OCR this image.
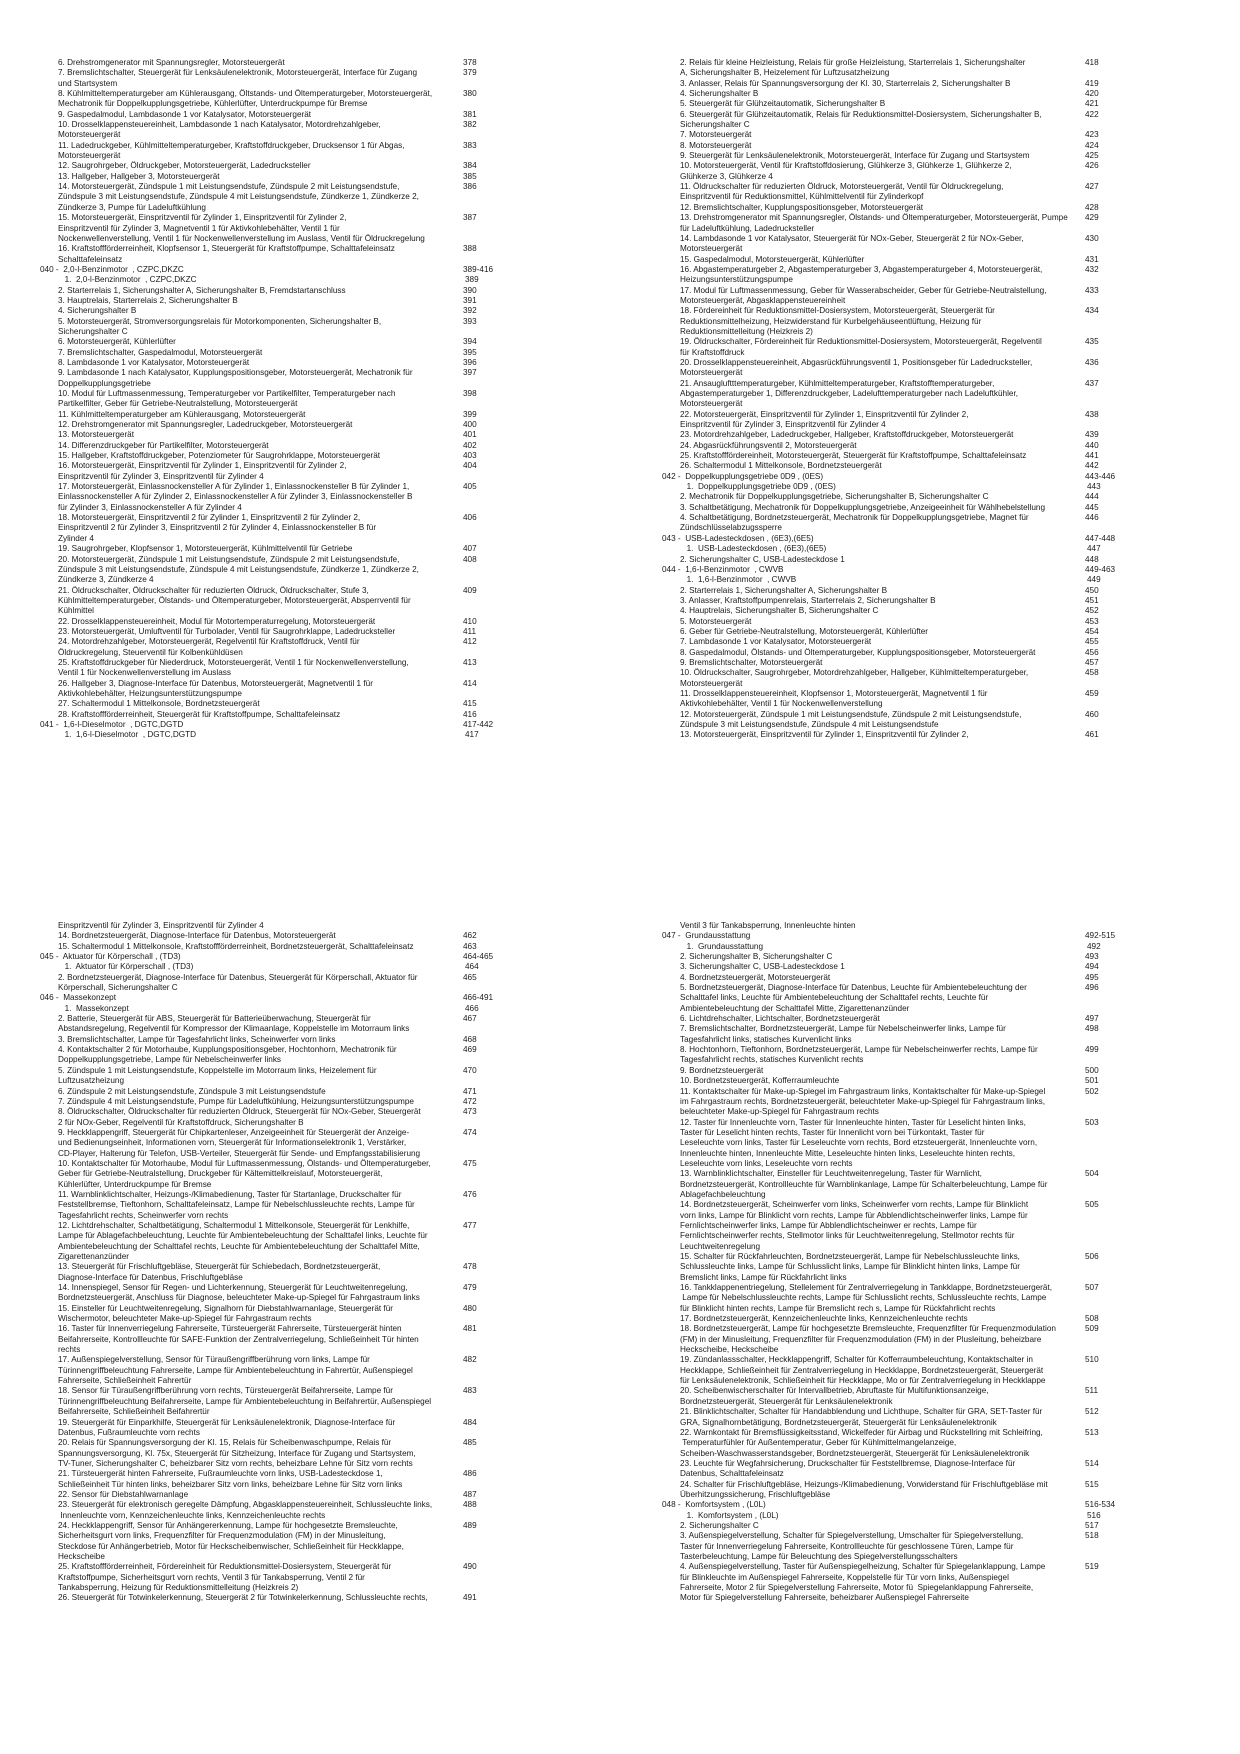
6. Drehstromgenerator mit Spannungsregler, Motorsteuergerät	378
7. Bremslichtschalter, Steuergerät für Lenksäulenelektronik, Motorsteuergerät, Interface für Zugang	379
und Startsystem
8. Kühlmitteltemperaturgeber am Kühlerausgang, Öltstands- und Öltemperaturgeber, Motorsteuergerät,	380
Mechatronik für Doppelkupplungsgetriebe, Kühlerlüfter, Unterdruckpumpe für Bremse
9. Gaspedalmodul, Lambdasonde 1 vor Katalysator, Motorsteuergerät	381
10. Drosselklappensteuereinheit, Lambdasonde 1 nach Katalysator, Motordrehzahlgeber,	382
Motorsteuergerät
11. Ladedruckgeber, Kühlmitteltemperaturgeber, Kraftstoffdruckgeber, Drucksensor 1 für Abgas,	383
Motorsteuergerät
12. Saugrohrgeber, Öldruckgeber, Motorsteuergerät, Ladedrucksteller	384
13. Hallgeber, Hallgeber 3, Motorsteuergerät	385
14. Motorsteuergerät, Zündspule 1 mit Leistungsendstufe, Zündspule 2 mit Leistungsendstufe,	386
Zündspule 3 mit Leistungsendstufe, Zündspule 4 mit Leistungsendstufe, Zündkerze 1, Zündkerze 2,
Zündkerze 3, Pumpe für Ladeluftkühlung
15. Motorsteuergerät, Einspritzventil für Zylinder 1, Einspritzventil für Zylinder 2,	387
Einspritzventil für Zylinder 3, Magnetventil 1 für Aktivkohlebehälter, Ventil 1 für
Nockenwellenverstellung, Ventil 1 für Nockenwellenverstellung im Auslass, Ventil für Öldruckregelung
16. Kraftstoffförderreinheit, Klopfsensor 1, Steuergerät für Kraftstoffpumpe, Schalttafeleinsatz	388
Schalttafeleinsatz
040 -  2,0-l-Benzinmotor  , CZPC,DKZC	389-416
1.  2,0-l-Benzinmotor  , CZPC,DKZC	389
2. Starterrelais 1, Sicherungshalter A, Sicherungshalter B, Fremdstartanschluss	390
3. Hauptrelais, Starterrelais 2, Sicherungshalter B	391
4. Sicherungshalter B	392
5. Motorsteuergerät, Stromversorgungsrelais für Motorkomponenten, Sicherungshalter B,	393
Sicherungshalter C
6. Motorsteuergerät, Kühlerlüfter	394
7. Bremslichtschalter, Gaspedalmodul, Motorsteuergerät	395
8. Lambdasonde 1 vor Katalysator, Motorsteuergerät	396
9. Lambdasonde 1 nach Katalysator, Kupplungspositionsgeber, Motorsteuergerät, Mechatronik für	397
Doppelkupplungsgetriebe
10. Modul für Luftmassenmessung, Temperaturgeber vor Partikelfilter, Temperaturgeber nach	398
Partikelfilter, Geber für Getriebe-Neutralstellung, Motorsteuergerät
11. Kühlmitteltemperaturgeber am Kühlerausgang, Motorsteuergerät	399
12. Drehstromgenerator mit Spannungsregler, Ladedruckgeber, Motorsteuergerät	400
13. Motorsteuergerät	401
14. Differenzdruckgeber für Partikelfilter, Motorsteuergerät	402
15. Hallgeber, Kraftstoffdruckgeber, Potenziometer für Saugrohrklappe, Motorsteuergerät	403
16. Motorsteuergerät, Einspritzventil für Zylinder 1, Einspritzventil für Zylinder 2,	404
Einspritzventil für Zylinder 3, Einspritzventil für Zylinder 4
17. Motorsteuergerät, Einlassnockensteller A für Zylinder 1, Einlassnockensteller B für Zylinder 1,	405
Einlassnockensteller A für Zylinder 2, Einlassnockensteller A für Zylinder 3, Einlassnockensteller B
für Zylinder 3, Einlassnockensteller A für Zylinder 4
18. Motorsteuergerät, Einspritzventil 2 für Zylinder 1, Einspritzventil 2 für Zylinder 2,	406
Einspritzventil 2 für Zylinder 3, Einspritzventil 2 für Zylinder 4, Einlassnockensteller B für
Zylinder 4
19. Saugrohrgeber, Klopfsensor 1, Motorsteuergerät, Kühlmittelventil für Getriebe	407
20. Motorsteuergerät, Zündspule 1 mit Leistungsendstufe, Zündspule 2 mit Leistungsendstufe,	408
Zündspule 3 mit Leistungsendstufe, Zündspule 4 mit Leistungsendstufe, Zündkerze 1, Zündkerze 2,
Zündkerze 3, Zündkerze 4
21. Öldruckschalter, Öldruckschalter für reduzierten Öldruck, Öldruckschalter, Stufe 3,	409
Kühlmitteltemperaturgeber, Ölstands- und Öltemperaturgeber, Motorsteuergerät, Absperrventil für
Kühlmittel
22. Drosselklappensteuereinheit, Modul für Motortemperaturregelung, Motorsteuergerät	410
23. Motorsteuergerät, Umluftventil für Turbolader, Ventil für Saugrohrklappe, Ladedrucksteller	411
24. Motordrehzahlgeber, Motorsteuergerät, Regelventil für Kraftstoffdruck, Ventil für	412
Öldruckregelung, Steuerventil für Kolbenkühldüsen
25. Kraftstoffdruckgeber für Niederdruck, Motorsteuergerät, Ventil 1 für Nockenwellenverstellung,	413
Ventil 1 für Nockenwellenverstellung im Auslass
26. Hallgeber 3, Diagnose-Interface für Datenbus, Motorsteuergerät, Magnetventil 1 für	414
Aktivkohlebehälter, Heizungsunterstützungspumpe
27. Schaltermodul 1 Mittelkonsole, Bordnetzsteuergerät	415
28. Kraftstoffförderreinheit, Steuergerät für Kraftstoffpumpe, Schalttafeleinsatz	416
041 -  1,6-l-Dieselmotor  , DGTC,DGTD	417-442
1.  1,6-l-Dieselmotor  , DGTC,DGTD	417
2. Relais für kleine Heizleistung, Relais für große Heizleistung, Starterrelais 1, Sicherungshalter	418
A, Sicherungshalter B, Heizelement für Luftzusatzheizung
3. Anlasser, Relais für Spannungsversorgung der Kl. 30, Starterrelais 2, Sicherungshalter B	419
4. Sicherungshalter B	420
5. Steuergerät für Glühzeitautomatik, Sicherungshalter B	421
6. Steuergerät für Glühzeitautomatik, Relais für Reduktionsmittel-Dosiersystem, Sicherungshalter B,	422
Sicherungshalter C
7. Motorsteuergerät	423
8. Motorsteuergerät	424
9. Steuergerät für Lenksäulenelektronik, Motorsteuergerät, Interface für Zugang und Startsystem	425
10. Motorsteuergerät, Ventil für Kraftstoffdosierung, Glühkerze 3, Glühkerze 1, Glühkerze 2,	426
Glühkerze 3, Glühkerze 4
11. Öldruckschalter für reduzierten Öldruck, Motorsteuergerät, Ventil für Öldruckregelung,	427
Einspritzventil für Reduktionsmittel, Kühlmittelventil für Zylinderkopf
12. Bremslichtschalter, Kupplungspositionsgeber, Motorsteuergerät	428
13. Drehstromgenerator mit Spannungsregler, Ölstands- und Öltemperaturgeber, Motorsteuergerät, Pumpe	429
für Ladeluftkühlung, Ladedrucksteller
14. Lambdasonde 1 vor Katalysator, Steuergerät für NOx-Geber, Steuergerät 2 für NOx-Geber,	430
Motorsteuergerät
15. Gaspedalmodul, Motorsteuergerät, Kühlerlüfter	431
16. Abgastemperaturgeber 2, Abgastemperaturgeber 3, Abgastemperaturgeber 4, Motorsteuergerät,	432
Heizungsunterstützungspumpe
17. Modul für Luftmassenmessung, Geber für Wasserabscheider, Geber für Getriebe-Neutralstellung,	433
Motorsteuergerät, Abgasklappensteuereinheit
18. Fördereinheit für Reduktionsmittel-Dosiersystem, Motorsteuergerät, Steuergerät für	434
Reduktionsmittelheizung, Heizwiderstand für Kurbelgehäuseentlüftung, Heizung für
Reduktionsmittelleitung (Heizkreis 2)
19. Öldruckschalter, Fördereinheit für Reduktionsmittel-Dosiersystem, Motorsteuergerät, Regelventil	435
für Kraftstoffdruck
20. Drosselklappensteuereinheit, Abgasrückführungsventil 1, Positionsgeber für Ladedrucksteller,	436
Motorsteuergerät
21. Ansaugluftttemperaturgeber, Kühlmitteltemperaturgeber, Kraftstofftemperaturgeber,	437
Abgastemperaturgeber 1, Differenzdruckgeber, Ladelufttemperaturgeber nach Ladeluftkühler,
Motorsteuergerät
22. Motorsteuergerät, Einspritzventil für Zylinder 1, Einspritzventil für Zylinder 2,	438
Einspritzventil für Zylinder 3, Einspritzventil für Zylinder 4
23. Motordrehzahlgeber, Ladedruckgeber, Hallgeber, Kraftstoffdruckgeber, Motorsteuergerät	439
24. Abgasrückführungsventil 2, Motorsteuergerät	440
25. Kraftstofffördereinheit, Motorsteuergerät, Steuergerät für Kraftstoffpumpe, Schalttafeleinsatz	441
26. Schaltermodul 1 Mittelkonsole, Bordnetzsteuergerät	442
042 -  Doppelkupplungsgetriebe 0D9 , (0ES)	443-446
1.  Doppelkupplungsgetriebe 0D9 , (0ES)	443
2. Mechatronik für Doppelkupplungsgetriebe, Sicherungshalter B, Sicherungshalter C	444
3. Schaltbetätigung, Mechatronik für Doppelkupplungsgetriebe, Anzeigeeinheit für Wählhebelstellung	445
4. Schaltbetätigung, Bordnetzsteuergerät, Mechatronik für Doppelkupplungsgetriebe, Magnet für	446
Zündschlüsselabzugssperre
043 -  USB-Ladesteckdosen , (6E3),(6E5)	447-448
1.  USB-Ladesteckdosen , (6E3),(6E5)	447
2. Sicherungshalter C, USB-Ladesteckdose 1	448
044 -  1,6-l-Benzinmotor  , CWVB	449-463
1.  1,6-l-Benzinmotor  , CWVB	449
2. Starterrelais 1, Sicherungshalter A, Sicherungshalter B	450
3. Anlasser, Kraftstoffpumpenrelais, Starterrelais 2, Sicherungshalter B	451
4. Hauptrelais, Sicherungshalter B, Sicherungshalter C	452
5. Motorsteuergerät	453
6. Geber für Getriebe-Neutralstellung, Motorsteuergerät, Kühlerlüfter	454
7. Lambdasonde 1 vor Katalysator, Motorsteuergerät	455
8. Gaspedalmodul, Ölstands- und Öltemperaturgeber, Kupplungspositionsgeber, Motorsteuergerät	456
9. Bremslichtschalter, Motorsteuergerät	457
10. Öldruckschalter, Saugrohrgeber, Motordrehzahlgeber, Hallgeber, Kühlmitteltemperaturgeber,	458
Motorsteuergerät
11. Drosselklappensteuereinheit, Klopfsensor 1, Motorsteuergerät, Magnetventil 1 für	459
Aktivkohlebehälter, Ventil 1 für Nockenwellenverstellung
12. Motorsteuergerät, Zündspule 1 mit Leistungsendstufe, Zündspule 2 mit Leistungsendstufe,	460
Zündspule 3 mit Leistungsendstufe, Zündspule 4 mit Leistungsendstufe
13. Motorsteuergerät, Einspritzventil für Zylinder 1, Einspritzventil für Zylinder 2,	461
Einspritzventil für Zylinder 3, Einspritzventil für Zylinder 4
14. Bordnetzsteuergerät, Diagnose-Interface für Datenbus, Motorsteuergerät	462
15. Schaltermodul 1 Mittelkonsole, Kraftstoffförderreinheit, Bordnetzsteuergerät, Schalttafeleinsatz	463
045 -  Aktuator für Körperschall , (TD3)	464-465
1.  Aktuator für Körperschall , (TD3)	464
2. Bordnetzsteuergerät, Diagnose-Interface für Datenbus, Steuergerät für Körperschall, Aktuator für	465
Körperschall, Sicherungshalter C
046 -  Massekonzept	466-491
1.  Massekonzept	466
2. Batterie, Steuergerät für ABS, Steuergerät für Batterieüberwachung, Steuergerät für	467
Abstandsregelung, Regelventil für Kompressor der Klimaanlage, Koppelstelle im Motorraum links
3. Bremslichtschalter, Lampe für Tagesfahrlicht links, Scheinwerfer vorn links	468
4. Kontaktschalter 2 für Motorhaube, Kupplungspositionsgeber, Hochtonhorn, Mechatronik für	469
Doppelkupplungsgetriebe, Lampe für Nebelscheinwerfer links
5. Zündspule 1 mit Leistungsendstufe, Koppelstelle im Motorraum links, Heizelement für	470
Luftzusatzheizung
6. Zündspule 2 mit Leistungsendstufe, Zündspule 3 mit Leistungsendstufe	471
7. Zündspule 4 mit Leistungsendstufe, Pumpe für Ladeluftkühlung, Heizungsunterstützungspumpe	472
8. Öldruckschalter, Öldruckschalter für reduzierten Öldruck, Steuergerät für NOx-Geber, Steuergerät	473
2 für NOx-Geber, Regelventil für Kraftstoffdruck, Sicherungshalter B
9. Heckklappengriff, Steuergerät für Chipkartenleser, Anzeigeeinheit für Steuergerät der Anzeige-	474
und Bedienungseinheit, Informationen vorn, Steuergerät für Informationselektronik 1, Verstärker,
CD-Player, Halterung für Telefon, USB-Verteiler, Steuergerät für Sende- und Empfangsstabilisierung
10. Kontaktschalter für Motorhaube, Modul für Luftmassenmessung, Ölstands- und Öltemperaturgeber,	475
Geber für Getriebe-Neutralstellung, Druckgeber für Kältemittelkreislauf, Motorsteuergerät,
Kühlerlüfter, Unterdruckpumpe für Bremse
11. Warnblinklichtschalter, Heizungs-/Klimabedienung, Taster für Startanlage, Druckschalter für	476
Feststellbremse, Tieftonhorn, Schalttafeleinsatz, Lampe für Nebelschlussleuchte rechts, Lampe für
Tagesfahrlicht rechts, Scheinwerfer vorn rechts
12. Lichtdrehschalter, Schaltbetätigung, Schaltermodul 1 Mittelkonsole, Steuergerät für Lenkhilfe,	477
Lampe für Ablagefachbeleuchtung, Leuchte für Ambientebeleuchtung der Schalttafel links, Leuchte für
Ambientebeleuchtung der Schalttafel rechts, Leuchte für Ambientebeleuchtung der Schalttafel Mitte,
Zigarettenanzünder
13. Steuergerät für Frischluftgebläse, Steuergerät für Schiebedach, Bordnetzsteuergerät,	478
Diagnose-Interface für Datenbus, Frischluftgebläse
14. Innenspiegel, Sensor für Regen- und Lichterkennung, Steuergerät für Leuchtweitenregelung,	479
Bordnetzsteuergerät, Anschluss für Diagnose, beleuchteter Make-up-Spiegel für Fahrgastraum links
15. Einsteller für Leuchtweitenregelung, Signalhorn für Diebstahlwarnanlage, Steuergerät für	480
Wischermotor, beleuchteter Make-up-Spiegel für Fahrgastraum rechts
16. Taster für Innenverriegelung Fahrerseite, Türsteuergerät Fahrerseite, Türsteuergerät hinten	481
Beifahrerseite, Kontrollleuchte für SAFE-Funktion der Zentralverriegelung, Schließeinheit Tür hinten
rechts
17. Außenspiegelverstellung, Sensor für Türaußengriffberührung vorn links, Lampe für	482
Türinnengriffbeleuchtung Fahrerseite, Lampe für Ambientebeleuchtung in Fahrertür, Außenspiegel
Fahrerseite, Schließeinheit Fahrertür
18. Sensor für Türaußengriffberührung vorn rechts, Türsteuergerät Beifahrerseite, Lampe für	483
Türinnengriffbeleuchtung Beifahrerseite, Lampe für Ambientebeleuchtung in Beifahrertür, Außenspiegel
Beifahrerseite, Schließeinheit Beifahrertür
19. Steuergerät für Einparkhilfe, Steuergerät für Lenksäulenelektronik, Diagnose-Interface für	484
Datenbus, Fußraumleuchte vorn rechts
20. Relais für Spannungsversorgung der Kl. 15, Relais für Scheibenwaschpumpe, Relais für	485
Spannungsversorgung, Kl. 75x, Steuergerät für Sitzheizung, Interface für Zugang und Startsystem,
TV-Tuner, Sicherungshalter C, beheizbarer Sitz vorn rechts, beheizbare Lehne für Sitz vorn rechts
21. Türsteuergerät hinten Fahrerseite, Fußraumleuchte vorn links, USB-Ladesteckdose 1,	486
Schließeinheit Tür hinten links, beheizbarer Sitz vorn links, beheizbare Lehne für Sitz vorn links
22. Sensor für Diebstahlwarnanlage	487
23. Steuergerät für elektronisch geregelte Dämpfung, Abgasklappensteuereinheit, Schlussleuchte links,	488
Innenleuchte vorn, Kennzeichenleuchte links, Kennzeichenleuchte rechts
24. Heckklappengriff, Sensor für Anhängererkennung, Lampe für hochgesetzte Bremsleuchte,	489
Sicherheitsgurt vorn links, Frequenzfilter für Frequenzmodulation (FM) in der Minusleitung,
Steckdose für Anhängerbetrieb, Motor für Heckscheibenwischer, Schließeinheit für Heckklappe,
Heckscheibe
25. Kraftstoffförderreinheit, Fördereinheit für Reduktionsmittel-Dosiersystem, Steuergerät für	490
Kraftstoffpumpe, Sicherheitsgurt vorn rechts, Ventil 3 für Tankabsperrung, Ventil 2 für
Tankabsperrung, Heizung für Reduktionsmittelleitung (Heizkreis 2)
26. Steuergerät für Totwinkelerkennung, Steuergerät 2 für Totwinkelerkennung, Schlussleuchte rechts,	491
Ventil 3 für Tankabsperrung, Innenleuchte hinten
047 -  Grundausstattung	492-515
1.  Grundausstattung	492
2. Sicherungshalter B, Sicherungshalter C	493
3. Sicherungshalter C, USB-Ladesteckdose 1	494
4. Bordnetzsteuergerät, Motorsteuergerät	495
5. Bordnetzsteuergerät, Diagnose-Interface für Datenbus, Leuchte für Ambientebeleuchtung der	496
Schalttafel links, Leuchte für Ambientebeleuchtung der Schalttafel rechts, Leuchte für
Ambientebeleuchtung der Schalttafel Mitte, Zigarettenanzünder
6. Lichtdrehschalter, Lichtschalter, Bordnetzsteuergerät	497
7. Bremslichtschalter, Bordnetzsteuergerät, Lampe für Nebelscheinwerfer links, Lampe für	498
Tagesfahrlicht links, statisches Kurvenlicht links
8. Hochtonhorn, Tieftonhorn, Bordnetzsteuergerät, Lampe für Nebelscheinwerfer rechts, Lampe für	499
Tagesfahrlicht rechts, statisches Kurvenlicht rechts
9. Bordnetzsteuergerät	500
10. Bordnetzsteuergerät, Kofferraumleuchte	501
11. Kontaktschalter für Make-up-Spiegel im Fahrgastraum links, Kontaktschalter für Make-up-Spiegel	502
im Fahrgastraum rechts, Bordnetzsteuergerät, beleuchteter Make-up-Spiegel für Fahrgastraum links,
beleuchteter Make-up-Spiegel für Fahrgastraum rechts
12. Taster für Innenleuchte vorn, Taster für Innenleuchte hinten, Taster für Leselicht hinten links,	503
Taster für Leselicht hinten rechts, Taster für Innenlicht vorn bei Türkontakt, Taster für
Leseleuchte vorn links, Taster für Leseleuchte vorn rechts, Bord etzsteuergerät, Innenleuchte vorn,
Innenleuchte hinten, Innenleuchte Mitte, Leseleuchte hinten links, Leseleuchte hinten rechts,
Leseleuchte vorn links, Leseleuchte vorn rechts
13. Warnblinklichtschalter, Einsteller für Leuchtweitenregelung, Taster für Warnlicht,	504
Bordnetzsteuergerät, Kontrollleuchte für Warnblinkanlage, Lampe für Schalterbeleuchtung, Lampe für
Ablagefachbeleuchtung
14. Bordnetzsteuergerät, Scheinwerfer vorn links, Scheinwerfer vorn rechts, Lampe für Blinklicht	505
vorn links, Lampe für Blinklicht vorn rechts, Lampe für Abblendlichtscheinwerfer links, Lampe für
Fernlichtscheinwerfer links, Lampe für Abblendlichtscheinwer er rechts, Lampe für
Fernlichtscheinwerfer rechts, Stellmotor links für Leuchtweitenregelung, Stellmotor rechts für
Leuchtweitenregelung
15. Schalter für Rückfahrleuchten, Bordnetzsteuergerät, Lampe für Nebelschlussleuchte links,	506
Schlussleuchte links, Lampe für Schlusslicht links, Lampe für Blinklicht hinten links, Lampe für
Bremslicht links, Lampe für Rückfahrlicht links
16. Tankklappenentriegelung, Stellelement für Zentralverriegelung in Tankklappe, Bordnetzsteuergerät,	507
Lampe für Nebelschlussleuchte rechts, Lampe für Schlusslicht rechts, Schlussleuchte rechts, Lampe
für Blinklicht hinten rechts, Lampe für Bremslicht rech s, Lampe für Rückfahrlicht rechts
17. Bordnetzsteuergerät, Kennzeichenleuchte links, Kennzeichenleuchte rechts	508
18. Bordnetzsteuergerät, Lampe für hochgesetzte Bremsleuchte, Frequenzfilter für Frequenzmodulation	509
(FM) in der Minusleitung, Frequenzfilter für Frequenzmodulation (FM) in der Plusleitung, beheizbare
Heckscheibe, Heckscheibe
19. Zündanlassschalter, Heckklappengriff, Schalter für Kofferraumbeleuchtung, Kontaktschalter in	510
Heckklappe, Schließeinheit für Zentralverriegelung in Heckklappe, Bordnetzsteuergerät, Steuergerät
für Lenksäulenelektronik, Schließeinheit für Heckklappe, Mo or für Zentralverriegelung in Heckklappe
20. Scheibenwischerschalter für Intervallbetrieb, Abruftaste für Multifunktionsanzeige,	511
Bordnetzsteuergerät, Steuergerät für Lenksäulenelektronik
21. Blinklichtschalter, Schalter für Handabblendung und Lichthupe, Schalter für GRA, SET-Taster für	512
GRA, Signalhornbetätigung, Bordnetzsteuergerät, Steuergerät für Lenksäulenelektronik
22. Warnkontakt für Bremsflüssigkeitsstand, Wickelfeder für Airbag und Rückstellring mit Schleifring,	513
Temperaturfühler für Außentemperatur, Geber für Kühlmittelmangelanzeige,
Scheiben-Waschwasserstandsgeber, Bordnetzsteuergerät, Steuergerät für Lenksäulenelektronik
23. Leuchte für Wegfahrsicherung, Druckschalter für Feststellbremse, Diagnose-Interface für	514
Datenbus, Schalttafeleinsatz
24. Schalter für Frischluftgebläse, Heizungs-/Klimabedienung, Vorwiderstand für Frischluftgebläse mit	515
Überhitzungssicherung, Frischluftgebläse
048 -  Komfortsystem , (L0L)	516-534
1.  Komfortsystem , (L0L)	516
2. Sicherungshalter C	517
3. Außenspiegelverstellung, Schalter für Spiegelverstellung, Umschalter für Spiegelverstellung,	518
Taster für Innenverriegelung Fahrerseite, Kontrollleuchte für geschlossene Türen, Lampe für
Tasterbeleuchtung, Lampe für Beleuchtung des Spiegelverstellungsschalters
4. Außenspiegelverstellung, Taster für Außenspiegelheizung, Schalter für Spiegelanklappung, Lampe	519
für Blinkleuchte im Außenspiegel Fahrerseite, Koppelstelle für Tür vorn links, Außenspiegel
Fahrerseite, Motor 2 für Spiegelverstellung Fahrerseite, Motor fü  Spiegelanklappung Fahrerseite,
Motor für Spiegelverstellung Fahrerseite, beheizbarer Außenspiegel Fahrerseite
